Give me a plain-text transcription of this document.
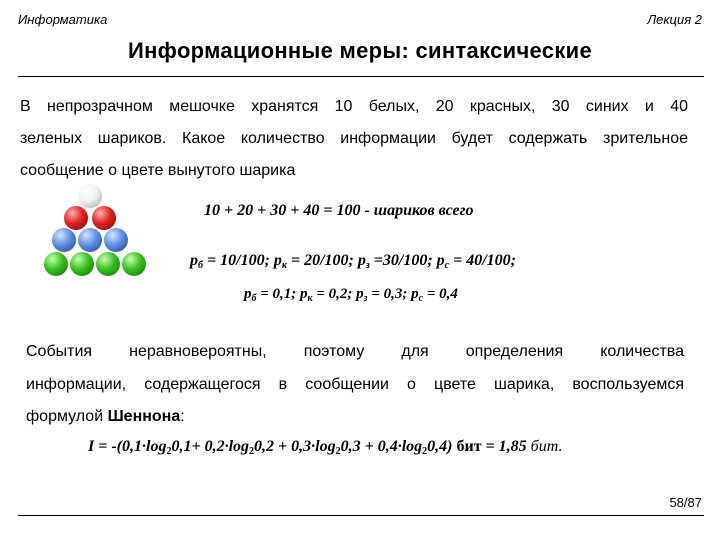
Информатика	Лекция 2
Информационные меры: синтаксические
В непрозрачном мешочке хранятся 10 белых, 20 красных, 30 синих и 40
зеленых шариков. Какое количество информации будет содержать зрительное
сообщение о цвете вынутого шарика
10 + 20 + 30 + 40 = 100 - шариков всего
$p_б = 10/100$; $p_к = 20/100$; $p_з =30/100$; $p_с = 40/100$;
$p_б = 0,1$; $p_к = 0,2$; $p_з = 0,3$; $p_с = 0,4$
События неравновероятны, поэтому для определения количества
информации, содержащегося в сообщении о цвете шарика, воспользуемся
формулой Шеннона:
$I = -(0,1\cdot\log_20,1+ 0,2\cdot\log_20,2 + 0,3\cdot\log_20,3 + 0,4\cdot\log_20,4)$ бит = 1,85 бит.
58/87
